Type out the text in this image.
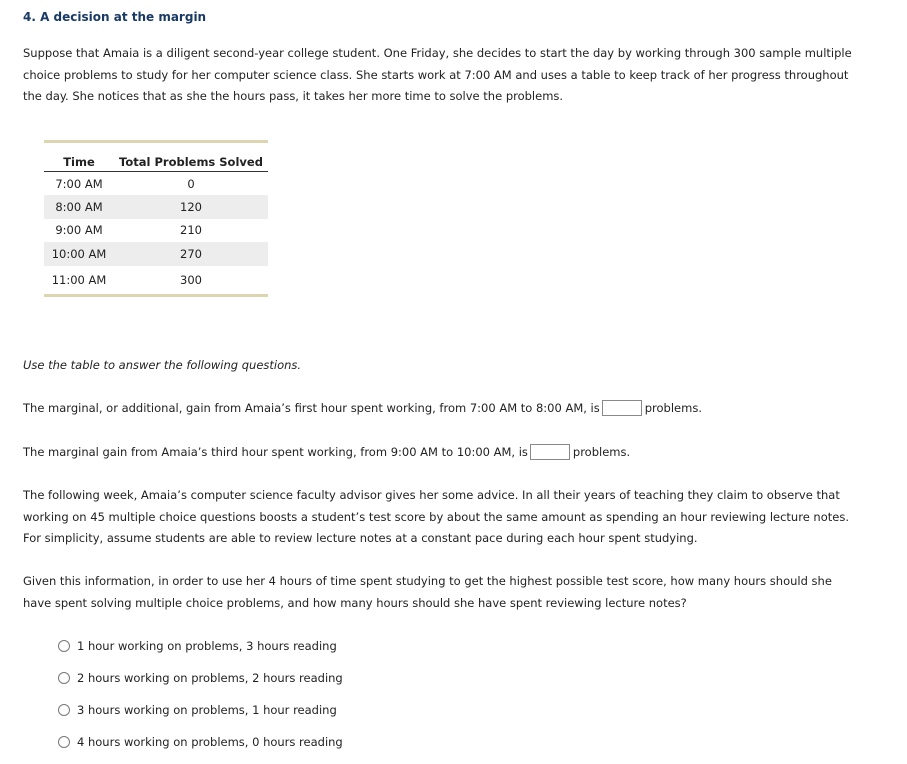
4. A decision at the margin

Suppose that Amaia is a diligent second-year college student. One Friday, she decides to start the day by working through 300 sample multiple choice problems to study for her computer science class. She starts work at 7:00 AM and uses a table to keep track of her progress throughout the day. She notices that as she the hours pass, it takes her more time to solve the problems.

Time	Total Problems Solved
7:00 AM	0
8:00 AM	120
9:00 AM	210
10:00 AM	270
11:00 AM	300

Use the table to answer the following questions.

The marginal, or additional, gain from Amaia’s first hour spent working, from 7:00 AM to 8:00 AM, is	problems.

The marginal gain from Amaia’s third hour spent working, from 9:00 AM to 10:00 AM, is	problems.

The following week, Amaia’s computer science faculty advisor gives her some advice. In all their years of teaching they claim to observe that working on 45 multiple choice questions boosts a student’s test score by about the same amount as spending an hour reviewing lecture notes. For simplicity, assume students are able to review lecture notes at a constant pace during each hour spent studying.

Given this information, in order to use her 4 hours of time spent studying to get the highest possible test score, how many hours should she have spent solving multiple choice problems, and how many hours should she have spent reviewing lecture notes?

1 hour working on problems, 3 hours reading
2 hours working on problems, 2 hours reading
3 hours working on problems, 1 hour reading
4 hours working on problems, 0 hours reading
